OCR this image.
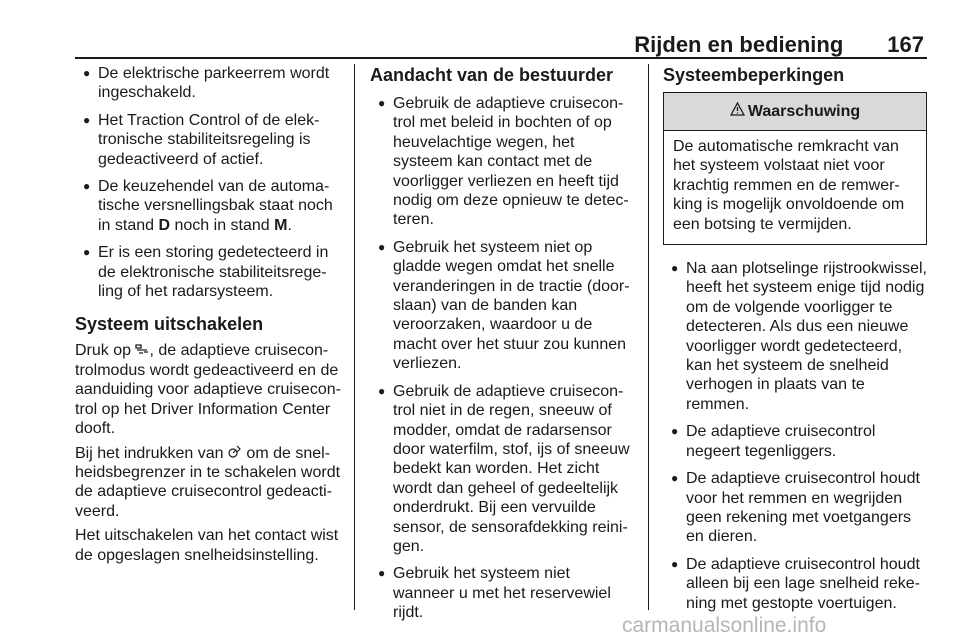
Rijden en bediening 167
● De elektrische parkeerrem wordt ingeschakeld.
● Het Traction Control of de elektronische stabiliteitsregeling is gedeactiveerd of actief.
● De keuzehendel van de automatische versnellingsbak staat noch in stand D noch in stand M.
● Er is een storing gedetecteerd in de elektronische stabiliteitsregeling of het radarsysteem.
Systeem uitschakelen

Druk op , de adaptieve cruisecontrolmodus wordt gedeactiveerd en de aanduiding voor adaptieve cruisecontrol op het Driver Information Center dooft.

Bij het indrukken van  om de snelheidsbegrenzer in te schakelen wordt de adaptieve cruisecontrol gedeactiveerd.

Het uitschakelen van het contact wist de opgeslagen snelheidsinstelling.

Aandacht van de bestuurder
● Gebruik de adaptieve cruisecontrol met beleid in bochten of op heuvelachtige wegen, het systeem kan contact met de voorligger verliezen en heeft tijd nodig om deze opnieuw te detecteren.
● Gebruik het systeem niet op gladde wegen omdat het snelle veranderingen in de tractie (doorslaan) van de banden kan veroorzaken, waardoor u de macht over het stuur zou kunnen verliezen.
● Gebruik de adaptieve cruisecontrol niet in de regen, sneeuw of modder, omdat de radarsensor door waterfilm, stof, ijs of sneeuw bedekt kan worden. Het zicht wordt dan geheel of gedeeltelijk onderdrukt. Bij een vervuilde sensor, de sensorafdekking reinigen.
● Gebruik het systeem niet wanneer u met het reservewiel rijdt.
Systeembeperkingen
Waarschuwing
De automatische remkracht van het systeem volstaat niet voor krachtig remmen en de remwerking is mogelijk onvoldoende om een botsing te vermijden.
● Na aan plotselinge rijstrookwissel, heeft het systeem enige tijd nodig om de volgende voorligger te detecteren. Als dus een nieuwe voorligger wordt gedetecteerd, kan het systeem de snelheid verhogen in plaats van te remmen.
● De adaptieve cruisecontrol negeert tegenliggers.
● De adaptieve cruisecontrol houdt voor het remmen en wegrijden geen rekening met voetgangers en dieren.
● De adaptieve cruisecontrol houdt alleen bij een lage snelheid rekening met gestopte voertuigen.
carmanualsonline.info
